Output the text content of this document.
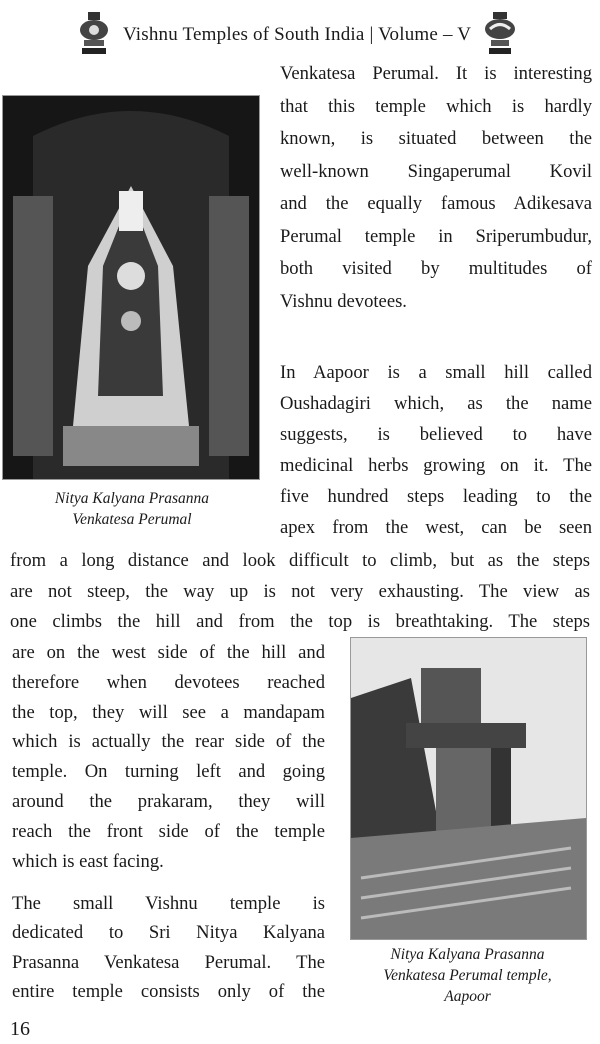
Vishnu Temples of South India | Volume – V
Nitya Kalyana Prasanna
Venkatesa Perumal
Nitya Kalyana Prasanna
Venkatesa Perumal temple,
Aapoor
Venkatesa Perumal. It is interesting
that this temple which is hardly
known, is situated between the
well-known Singaperumal Kovil
and the equally famous Adikesava
Perumal temple in Sriperumbudur,
both visited by multitudes of
Vishnu devotees.
In Aapoor is a small hill called
Oushadagiri which, as the name
suggests, is believed to have
medicinal herbs growing on it. The
five hundred steps leading to the
apex from the west, can be seen
from a long distance and look difficult to climb, but as the steps
are not steep, the way up is not very exhausting. The view as
one climbs the hill and from the top is breathtaking. The steps
are on the west side of the hill and
therefore when devotees reached
the top, they will see a mandapam
which is actually the rear side of the
temple. On turning left and going
around the prakaram, they will
reach the front side of the temple
which is east facing.
The small Vishnu temple is
dedicated to Sri Nitya Kalyana
Prasanna Venkatesa Perumal. The
entire temple consists only of the
16
